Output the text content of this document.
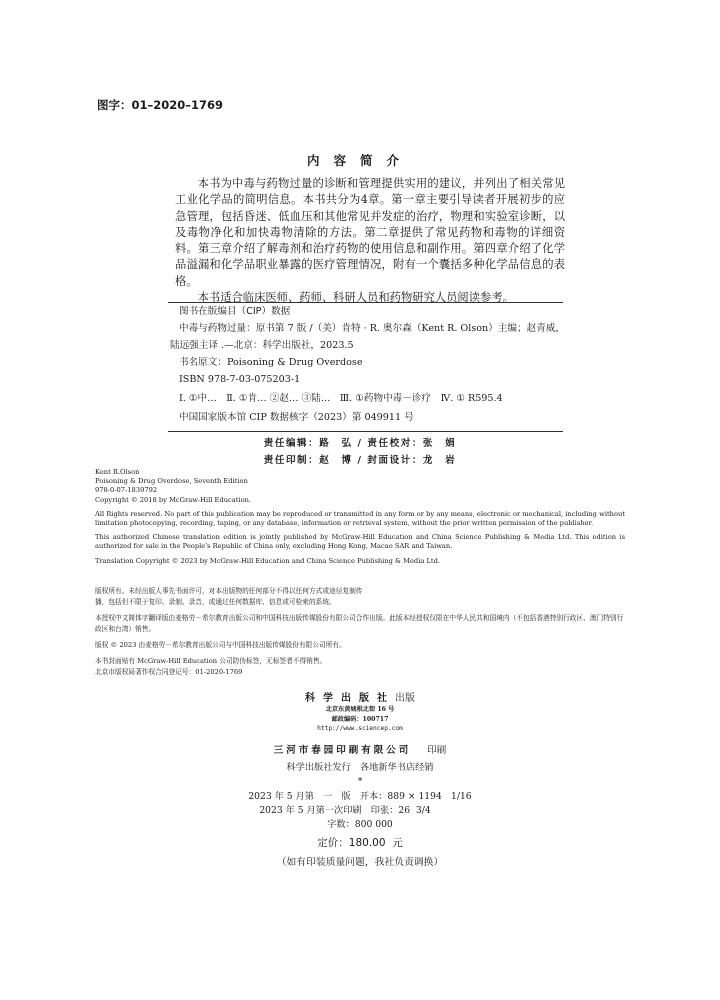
图字：01–2020–1769
内容简介

本书为中毒与药物过量的诊断和管理提供实用的建议，并列出了相关常见工业化学品的简明信息。本书共分为4章。第一章主要引导读者开展初步的应急管理，包括昏迷、低血压和其他常见并发症的治疗，物理和实验室诊断，以及毒物净化和加快毒物清除的方法。第二章提供了常见药物和毒物的详细资料。第三章介绍了解毒剂和治疗药物的使用信息和副作用。第四章介绍了化学品溢漏和化学品职业暴露的医疗管理情况，附有一个囊括多种化学品信息的表格。

本书适合临床医师、药师、科研人员和药物研究人员阅读参考。

图书在版编目（CIP）数据
中毒与药物过量：原书第 7 版 /（美）肯特 · R. 奥尔森（Kent R. Olson）主编；赵青威，
陆远强主译 .—北京：科学出版社，2023.5
书名原文：Poisoning & Drug Overdose
ISBN 978-7-03-075203-1
Ⅰ. ①中…　Ⅱ. ①肯… ②赵… ③陆…　Ⅲ. ①药物中毒－诊疗　Ⅳ. ① R595.4
中国国家版本馆 CIP 数据核字（2023）第 049911 号
责任编辑：路　弘 / 责任校对：张　娟
责任印制：赵　博 / 封面设计：龙　岩

Kent R.Olson
Poisoning & Drug Overdose, Seventh Edition
978-0-07-1839792
Copyright © 2018 by McGraw-Hill Education.

All Rights reserved. No part of this publication may be reproduced or transmitted in any form or by any means, electronic or mechanical, including without limitation photocopying, recording, taping, or any database, information or retrieval system, without the prior written permission of the publisher.

This authorized Chinese translation edition is jointly published by McGraw-Hill Education and China Science Publishing & Media Ltd. This edition is authorized for sale in the People's Republic of China only, excluding Hong Kong, Macao SAR and Taiwan.

Translation Copyright © 2023 by McGraw-Hill Education and China Science Publishing & Media Ltd.

版权所有。未经出版人事先书面许可，对本出版物的任何部分不得以任何方式或途径复制传
播，包括但不限于复印、录制、录音，或通过任何数据库、信息或可检索的系统。

本授权中文简体字翻译版由麦格劳－希尔教育出版公司和中国科技出版传媒股份有限公司合作出版。此版本经授权仅限在中华人民共和国境内（不包括香港特别行政区、澳门特别行政区和台湾）销售。

版权 © 2023 由麦格劳－希尔教育出版公司与中国科技出版传媒股份有限公司所有。

本书封面贴有 McGraw-Hill Education 公司防伪标签，无标签者不得销售。
北京市版权局著作权合同登记号：01-2020-1769

科学出版社出版
北京东黄城根北街 16 号
邮政编码：100717
http://www.sciencep.com
三河市春园印刷有限公司　 印刷
科学出版社发行　各地新华书店经销
*
2023 年 5 月第　一　版　开本：889 × 1194　1/16
2023 年 5 月第一次印刷　印张：26  3/4
字数：800 000
定价：180.00  元
（如有印装质量问题，我社负责调换）
